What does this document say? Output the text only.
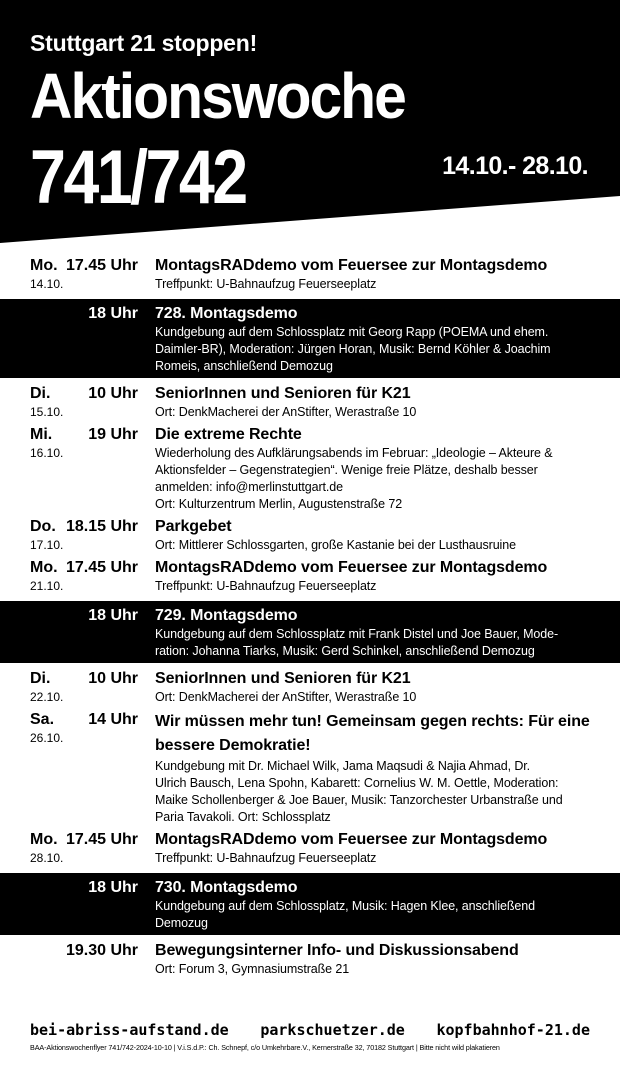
Stuttgart 21 stoppen!
Aktionswoche
741/742	14.10.- 28.10.
Mo. 17.45 Uhr
14.10.
MontagsRADdemo vom Feuersee zur Montagsdemo
Treffpunkt: U-Bahnaufzug Feuerseeplatz
18 Uhr 728. Montagsdemo
Kundgebung auf dem Schlossplatz mit Georg Rapp (POEMA und ehem.
Daimler-BR), Moderation: Jürgen Horan, Musik: Bernd Köhler & Joachim
Romeis, anschließend Demozug
Di. 10 Uhr
15.10.
SeniorInnen und Senioren für K21
Ort: DenkMacherei der AnStifter, Werastraße 10
Mi. 19 Uhr
16.10.
Die extreme Rechte
Wiederholung des Aufklärungsabends im Februar: „Ideologie – Akteure &
Aktionsfelder – Gegenstrategien“. Wenige freie Plätze, deshalb besser
anmelden: info@merlinstuttgart.de
Ort: Kulturzentrum Merlin, Augustenstraße 72
Do. 18.15 Uhr
17.10.
Parkgebet
Ort: Mittlerer Schlossgarten, große Kastanie bei der Lusthausruine
Mo. 17.45 Uhr
21.10.
MontagsRADdemo vom Feuersee zur Montagsdemo
Treffpunkt: U-Bahnaufzug Feuerseeplatz
18 Uhr 729. Montagsdemo
Kundgebung auf dem Schlossplatz mit Frank Distel und Joe Bauer, Mode-
ration: Johanna Tiarks, Musik: Gerd Schinkel, anschließend Demozug
Di. 10 Uhr
22.10.
SeniorInnen und Senioren für K21
Ort: DenkMacherei der AnStifter, Werastraße 10
Sa. 14 Uhr
26.10.
Wir müssen mehr tun! Gemeinsam gegen rechts: Für eine bessere Demokratie!
Kundgebung mit Dr. Michael Wilk, Jama Maqsudi & Najia Ahmad, Dr.
Ulrich Bausch, Lena Spohn, Kabarett: Cornelius W. M. Oettle, Moderation:
Maike Schollenberger & Joe Bauer, Musik: Tanzorchester Urbanstraße und
Paria Tavakoli. Ort: Schlossplatz
Mo. 17.45 Uhr
28.10.
MontagsRADdemo vom Feuersee zur Montagsdemo
Treffpunkt: U-Bahnaufzug Feuerseeplatz
18 Uhr 730. Montagsdemo
Kundgebung auf dem Schlossplatz, Musik: Hagen Klee, anschließend
Demozug
19.30 Uhr Bewegungsinterner Info- und Diskussionsabend
Ort: Forum 3, Gymnasiumstraße 21
bei-abriss-aufstand.de parkschuetzer.de kopfbahnhof-21.de
BAA-Aktionswochenflyer 741/742-2024-10-10 | V.i.S.d.P.: Ch. Schnepf, c/o Umkehrbare.V., Kernerstraße 32, 70182 Stuttgart | Bitte nicht wild plakatieren
